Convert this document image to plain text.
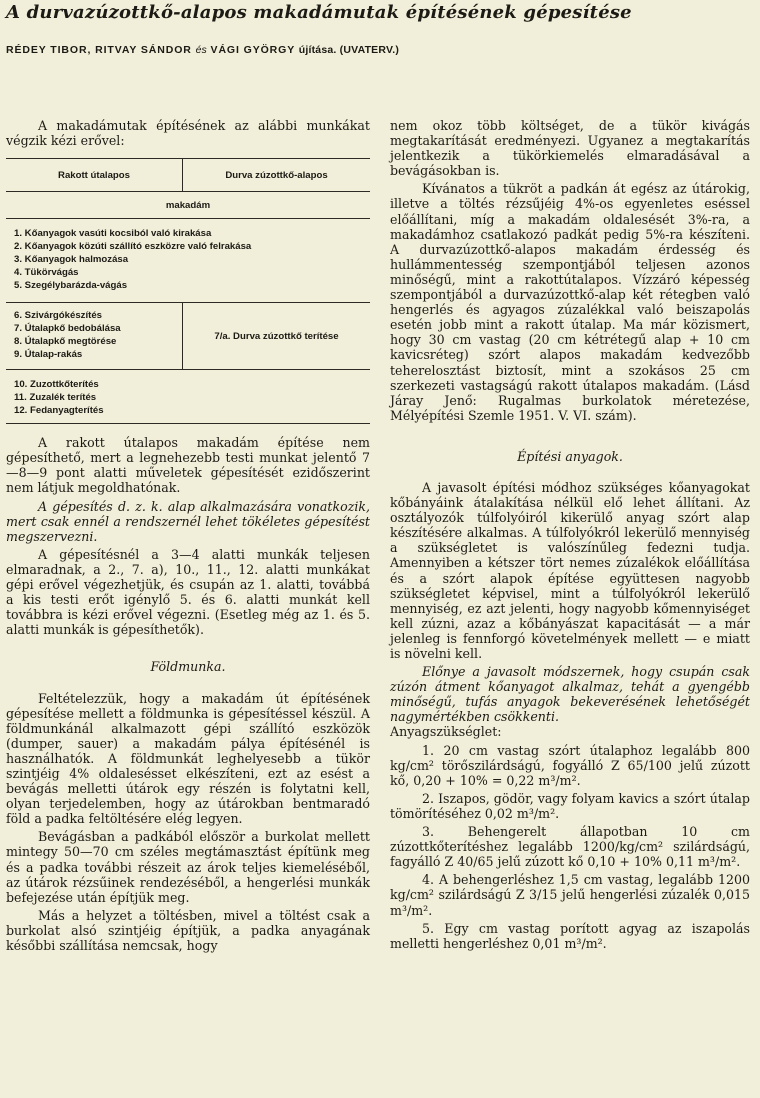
A durvazúzottkő-alapos makadámutak építésének gépesítése
RÉDEY TIBOR, RITVAY SÁNDOR és VÁGI GYÖRGY újítása. (UVATERV.)

A makadámutak építésének az alábbi munkákat végzik kézi erővel:

Rakott útalapos	Durva zúzottkő-alapos
makadám	

1. Kőanyagok vasúti kocsiból való kirakása
2. Kőanyagok közúti szállító eszközre való felrakása
3. Kőanyagok halmozása
4. Tükörvágás
5. Szegélybarázda-vágás	

6. Szivárgókészítés
7. Útalapkő bedobálása
8. Útalapkő megtörése
9. Útalap-rakás	7/a. Durva zúzottkő terítése

10. Zuzottkőterítés
11. Zuzalék terítés
12. Fedanyagterítés	

A rakott útalapos makadám építése nem gépesíthető, mert a legnehezebb testi munkat jelentő 7—8—9 pont alatti műveletek gépesítését ezidőszerint nem látjuk megoldhatónak.

A gépesítés d. z. k. alap alkalmazására vonatkozik, mert csak ennél a rendszernél lehet tökéletes gépesítést megszervezni.

A gépesítésnél a 3—4 alatti munkák teljesen elmaradnak, a 2., 7. a), 10., 11., 12. alatti munkákat gépi erővel végezhetjük, és csupán az 1. alatti, továbbá a kis testi erőt igénylő 5. és 6. alatti munkát kell továbbra is kézi erővel végezni. (Esetleg még az 1. és 5. alatti munkák is gépesíthetők).

Földmunka.

Feltételezzük, hogy a makadám út építésének gépesítése mellett a földmunka is gépesítéssel készül. A földmunkánál alkalmazott gépi szállító eszközök (dumper, sauer) a makadám pálya építésénél is használhatók. A földmunkát leghelyesebb a tükör szintjéig 4% oldalesésset elkészíteni, ezt az esést a bevágás melletti útárok egy részén is folytatni kell, olyan terjedelemben, hogy az útárokban bentmaradó föld a padka feltöltésére elég legyen.

Bevágásban a padkából először a burkolat mellett mintegy 50—70 cm széles megtámasztást építünk meg és a padka további részeit az árok teljes kiemeléséből, az útárok rézsűinek rendezéséből, a hengerlési munkák befejezése után építjük meg.

Más a helyzet a töltésben, mivel a töltést csak a burkolat alsó szintjéig építjük, a padka anyagának későbbi szállítása nemcsak, hogy

nem okoz több költséget, de a tükör kivágás megtakarítását eredményezi. Ugyanez a megtakarítás jelentkezik a tükörkiemelés elmaradásával a bevágásokban is.

Kívánatos a tükröt a padkán át egész az útárokig, illetve a töltés rézsűjéig 4%-os egyenletes eséssel előállítani, míg a makadám oldalesését 3%-ra, a makadámhoz csatlakozó padkát pedig 5%-ra készíteni. A durvazúzottkő-alapos makadám érdesség és hullámmentesség szempontjából teljesen azonos minőségű, mint a rakottútalapos. Vízzáró képesség szempontjából a durvazúzottkő-alap két rétegben való hengerlés és agyagos zúzalékkal való beiszapolás esetén jobb mint a rakott útalap. Ma már közismert, hogy 30 cm vastag (20 cm kétrétegű alap + 10 cm kavicsréteg) szórt alapos makadám kedvezőbb teherelosztást biztosít, mint a szokásos 25 cm szerkezeti vastagságú rakott útalapos makadám. (Lásd Járay Jenő: Rugalmas burkolatok méretezése, Mélyépítési Szemle 1951. V. VI. szám).

Építési anyagok.

A javasolt építési módhoz szükséges kőanyagokat kőbányáink átalakítása nélkül elő lehet állítani. Az osztályozók túlfolyóiról kikerülő anyag szórt alap készítésére alkalmas. A túlfolyókról lekerülő mennyiség a szükségletet is valószínűleg fedezni tudja. Amennyiben a kétszer tört nemes zúzalékok előállítása és a szórt alapok építése együttesen nagyobb szükségletet képvisel, mint a túlfolyókról lekerülő mennyiség, ez azt jelenti, hogy nagyobb kőmennyiséget kell zúzni, azaz a kőbányászat kapacitását — a már jelenleg is fennforgó követelmények mellett — e miatt is növelni kell.

Előnye a javasolt módszernek, hogy csupán csak zúzón átment kőanyagot alkalmaz, tehát a gyengébb minőségű, tufás anyagok bekeverésének lehetőségét nagymértékben csökkenti.

Anyagszükséglet:

1. 20 cm vastag szórt útalaphoz legalább 800 kg/cm² törőszilárdságú, fogyálló Z 65/100 jelű zúzott kő, 0,20 + 10% = 0,22 m³/m².

2. Iszapos, gödör, vagy folyam kavics a szórt útalap tömörítéséhez 0,02 m³/m².

3. Behengerelt állapotban 10 cm zúzottkőterítéshez legalább 1200/kg/cm² szilárdságú, fagyálló Z 40/65 jelű zúzott kő 0,10 + 10% 0,11 m³/m².

4. A behengerléshez 1,5 cm vastag, legalább 1200 kg/cm² szilárdságú Z 3/15 jelű hengerlési zúzalék 0,015 m³/m².

5. Egy cm vastag porított agyag az iszapolás melletti hengerléshez 0,01 m³/m².
